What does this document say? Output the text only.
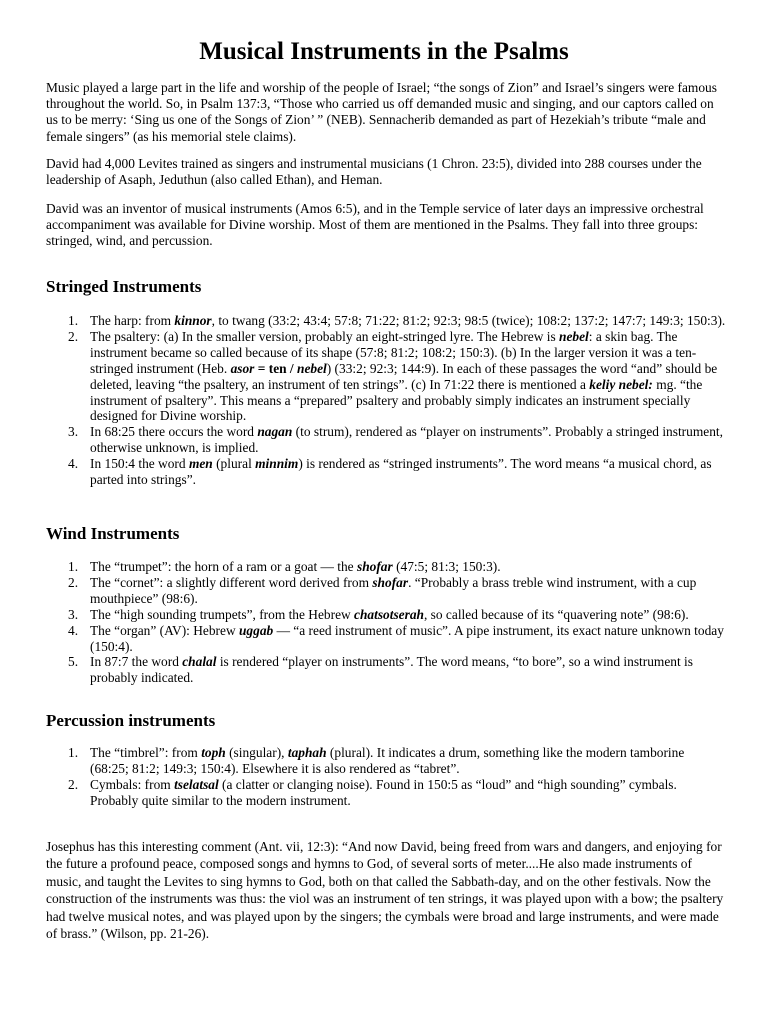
Musical Instruments in the Psalms

Music played a large part in the life and worship of the people of Israel; “the songs of Zion” and Israel’s singers were famous throughout the world. So, in Psalm 137:3, “Those who carried us off demanded music and singing, and our captors called on us to be merry: ‘Sing us one of the Songs of Zion’ ” (NEB). Sennacherib demanded as part of Hezekiah’s tribute “male and female singers” (as his memorial stele claims).

David had 4,000 Levites trained as singers and instrumental musicians (1 Chron. 23:5), divided into 288 courses under the leadership of Asaph, Jeduthun (also called Ethan), and Heman.

David was an inventor of musical instruments (Amos 6:5), and in the Temple service of later days an impressive orchestral accompaniment was available for Divine worship. Most of them are mentioned in the Psalms. They fall into three groups: stringed, wind, and percussion.

Stringed Instruments
1. The harp: from kinnor, to twang (33:2; 43:4; 57:8; 71:22; 81:2; 92:3; 98:5 (twice); 108:2; 137:2; 147:7; 149:3; 150:3).
2. The psaltery: (a) In the smaller version, probably an eight-stringed lyre. The Hebrew is nebel: a skin bag. The instrument became so called because of its shape (57:8; 81:2; 108:2; 150:3). (b) In the larger version it was a ten-stringed instrument (Heb. asor = ten / nebel) (33:2; 92:3; 144:9). In each of these passages the word “and” should be deleted, leaving “the psaltery, an instrument of ten strings”. (c) In 71:22 there is mentioned a keliy nebel: mg. “the instrument of psaltery”. This means a “prepared” psaltery and probably simply indicates an instrument specially designed for Divine worship.
3. In 68:25 there occurs the word nagan (to strum), rendered as “player on instruments”. Probably a stringed instrument, otherwise unknown, is implied.
4. In 150:4 the word men (plural minnim) is rendered as “stringed instruments”. The word means “a musical chord, as parted into strings”.
Wind Instruments
1. The “trumpet”: the horn of a ram or a goat — the shofar (47:5; 81:3; 150:3).
2. The “cornet”: a slightly different word derived from shofar. “Probably a brass treble wind instrument, with a cup mouthpiece” (98:6).
3. The “high sounding trumpets”, from the Hebrew chatsotserah, so called because of its “quavering note” (98:6).
4. The “organ” (AV): Hebrew uggab — “a reed instrument of music”. A pipe instrument, its exact nature unknown today (150:4).
5. In 87:7 the word chalal is rendered “player on instruments”. The word means, “to bore”, so a wind instrument is probably indicated.
Percussion instruments
1. The “timbrel”: from toph (singular), taphah (plural). It indicates a drum, something like the modern tamborine (68:25; 81:2; 149:3; 150:4). Elsewhere it is also rendered as “tabret”.
2. Cymbals: from tselatsal (a clatter or clanging noise). Found in 150:5 as “loud” and “high sounding” cymbals. Probably quite similar to the modern instrument.

Josephus has this interesting comment (Ant. vii, 12:3): “And now David, being freed from wars and dangers, and enjoying for the future a profound peace, composed songs and hymns to God, of several sorts of meter....He also made instruments of music, and taught the Levites to sing hymns to God, both on that called the Sabbath-day, and on the other festivals. Now the construction of the instruments was thus: the viol was an instrument of ten strings, it was played upon with a bow; the psaltery had twelve musical notes, and was played upon by the singers; the cymbals were broad and large instruments, and were made of brass.” (Wilson, pp. 21-26).
